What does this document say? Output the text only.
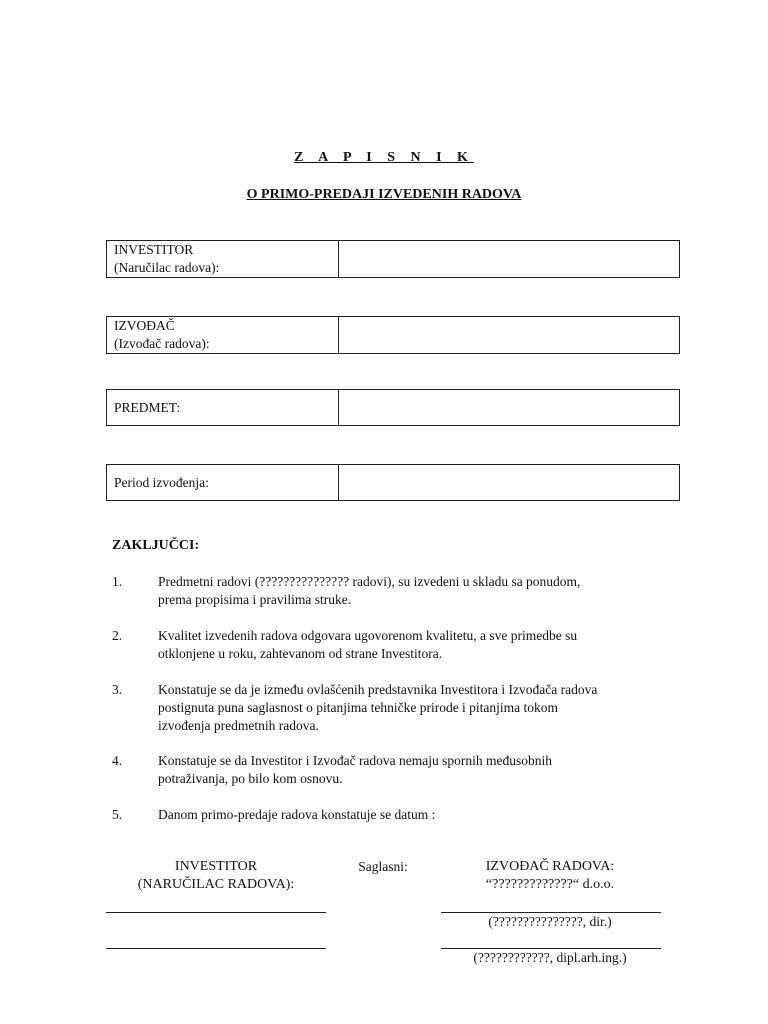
Z A P I S N I K
O PRIMO-PREDAJI IZVEDENIH RADOVA
INVESTITOR
(Naručilac radova):
IZVOĐAČ
(Izvođač radova):
PREDMET:
Period izvođenja:
ZAKLJUČCI:
1.	Predmetni radovi (??????????????? radovi), su izvedeni u skladu sa ponudom,
prema propisima i pravilima struke.
2.	Kvalitet izvedenih radova odgovara ugovorenom kvalitetu, a sve primedbe su
otklonjene u roku, zahtevanom od strane Investitora.
3.	Konstatuje se da je između ovlašćenih predstavnika Investitora i Izvođača radova
postignuta puna saglasnost o pitanjima tehničke prirode i pitanjima tokom
izvođenja predmetnih radova.
4.	Konstatuje se da Investitor i Izvođač radova nemaju spornih međusobnih
potraživanja, po bilo kom osnovu.
5.	Danom primo-predaje radova konstatuje se datum :
INVESTITOR
(NARUČILAC RADOVA):
Saglasni:	IZVOĐAČ RADOVA:
“?????????????“ d.o.o.
(???????????????, dir.)
(????????????, dipl.arh.ing.)
